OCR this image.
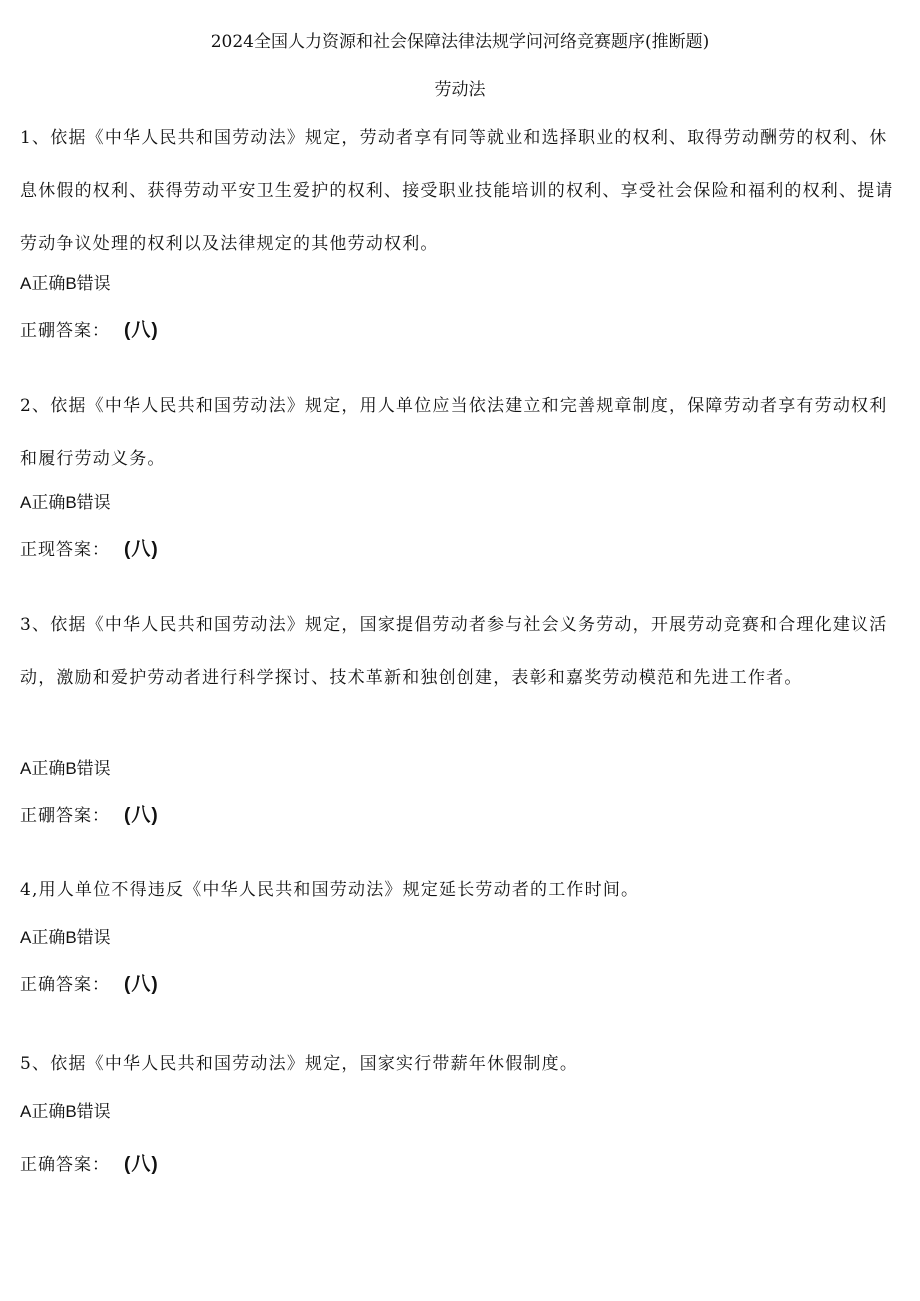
2024全国人力资源和社会保障法律法规学问河络竞赛题序(推断题)
劳动法

1、依据《中华人民共和国劳动法》规定，劳动者享有同等就业和选择职业的权利、取得劳动酬劳的权利、休息休假的权利、获得劳动平安卫生爱护的权利、接受职业技能培训的权利、享受社会保险和福利的权利、提请劳动争议处理的权利以及法律规定的其他劳动权利。

A正确B错误
正硼答案： (八)

2、依据《中华人民共和国劳动法》规定，用人单位应当依法建立和完善规章制度，保障劳动者享有劳动权利和履行劳动义务。

A正确B错误
正现答案： (八)

3、依据《中华人民共和国劳动法》规定，国家提倡劳动者参与社会义务劳动，开展劳动竞赛和合理化建议活动，激励和爱护劳动者进行科学探讨、技术革新和独创创建，表彰和嘉奖劳动模范和先进工作者。

A正确B错误
正硼答案： (八)

4,用人单位不得违反《中华人民共和国劳动法》规定延长劳动者的工作时间。

A正确B错误
正确答案： (八)

5、依据《中华人民共和国劳动法》规定，国家实行带薪年休假制度。

A正确B错误
正确答案： (八)
